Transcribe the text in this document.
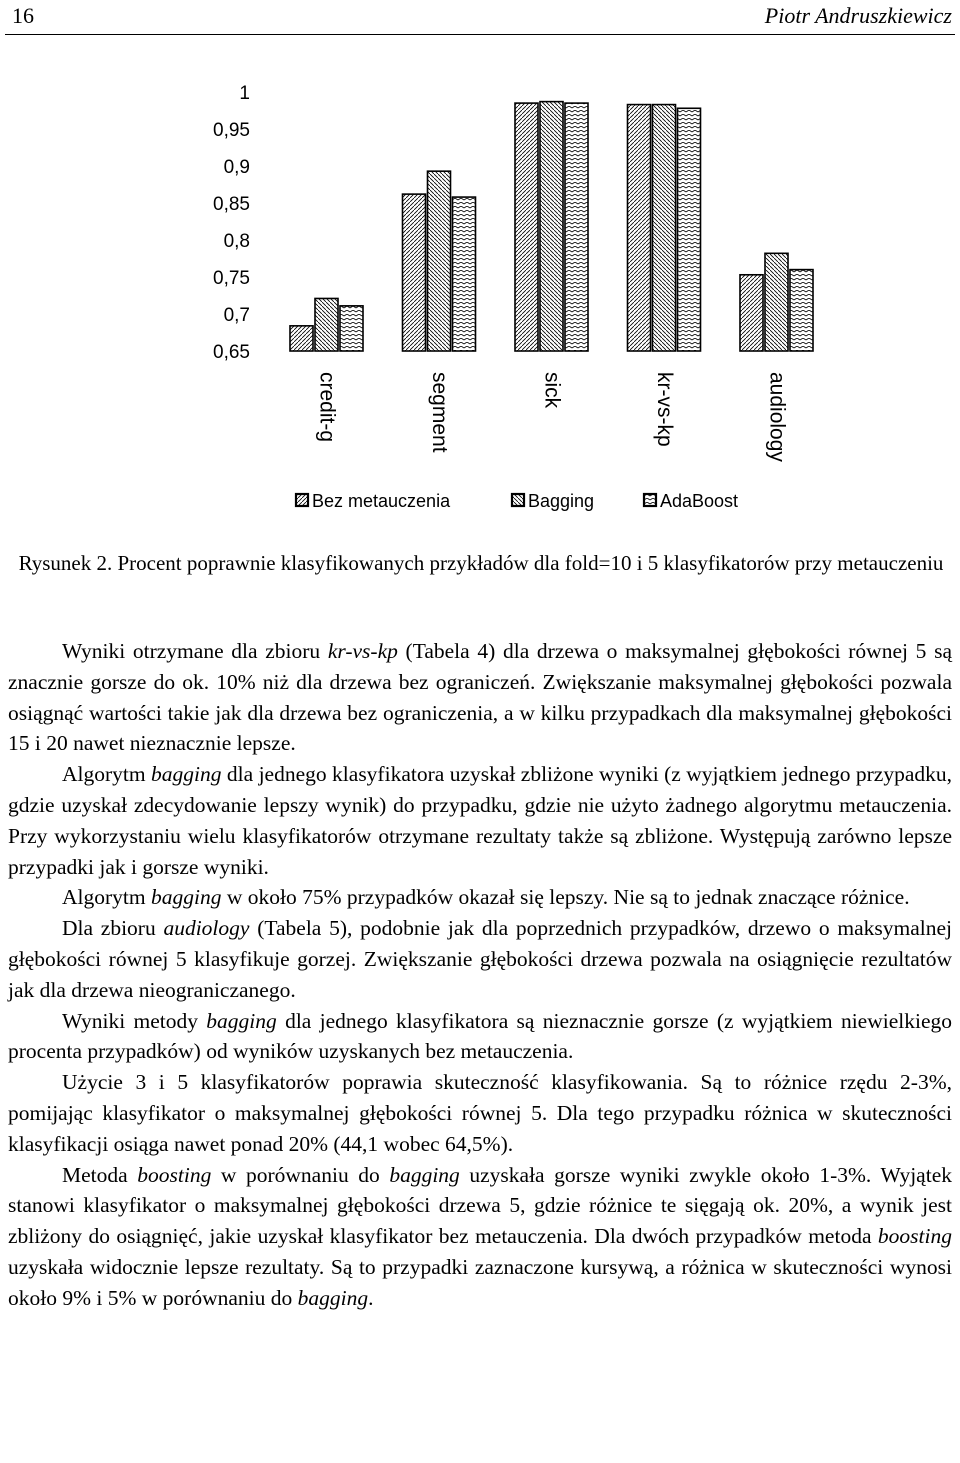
16	Piotr Andruszkiewicz
1
0,95
0,9
0,85
0,8
0,75
0,7
0,65
credit-g	segment	sick	kr-vs-kp	audiology
Bez metauczenia	Bagging	AdaBoost
Rysunek 2. Procent poprawnie klasyfikowanych przykładów dla fold=10 i 5 klasyfikatorów przy metauczeniu

Wyniki otrzymane dla zbioru kr-vs-kp (Tabela 4) dla drzewa o maksymalnej głębokości równej 5 są znacznie gorsze do ok. 10% niż dla drzewa bez ograniczeń. Zwiększanie maksymalnej głębokości pozwala osiągnąć wartości takie jak dla drzewa bez ograniczenia, a w kilku przypadkach dla maksymalnej głębokości 15 i 20 nawet nieznacznie lepsze.

Algorytm bagging dla jednego klasyfikatora uzyskał zbliżone wyniki (z wyjątkiem jednego przypadku, gdzie uzyskał zdecydowanie lepszy wynik) do przypadku, gdzie nie użyto żadnego algorytmu metauczenia. Przy wykorzystaniu wielu klasyfikatorów otrzymane rezultaty także są zbliżone. Występują zarówno lepsze przypadki jak i gorsze wyniki.

Algorytm bagging w około 75% przypadków okazał się lepszy. Nie są to jednak znaczące różnice.

Dla zbioru audiology (Tabela 5), podobnie jak dla poprzednich przypadków, drzewo o maksymalnej głębokości równej 5 klasyfikuje gorzej. Zwiększanie głębokości drzewa pozwala na osiągnięcie rezultatów jak dla drzewa nieograniczanego.

Wyniki metody bagging dla jednego klasyfikatora są nieznacznie gorsze (z wyjątkiem niewielkiego procenta przypadków) od wyników uzyskanych bez metauczenia.

Użycie 3 i 5 klasyfikatorów poprawia skuteczność klasyfikowania. Są to różnice rzędu 2-3%, pomijając klasyfikator o maksymalnej głębokości równej 5. Dla tego przypadku różnica w skuteczności klasyfikacji osiąga nawet ponad 20% (44,1 wobec 64,5%).

Metoda boosting w porównaniu do bagging uzyskała gorsze wyniki zwykle około 1-3%. Wyjątek stanowi klasyfikator o maksymalnej głębokości drzewa 5, gdzie różnice te sięgają ok. 20%, a wynik jest zbliżony do osiągnięć, jakie uzyskał klasyfikator bez metauczenia. Dla dwóch przypadków metoda boosting uzyskała widocznie lepsze rezultaty. Są to przypadki zaznaczone kursywą, a różnica w skuteczności wynosi około 9% i 5% w porównaniu do bagging.
